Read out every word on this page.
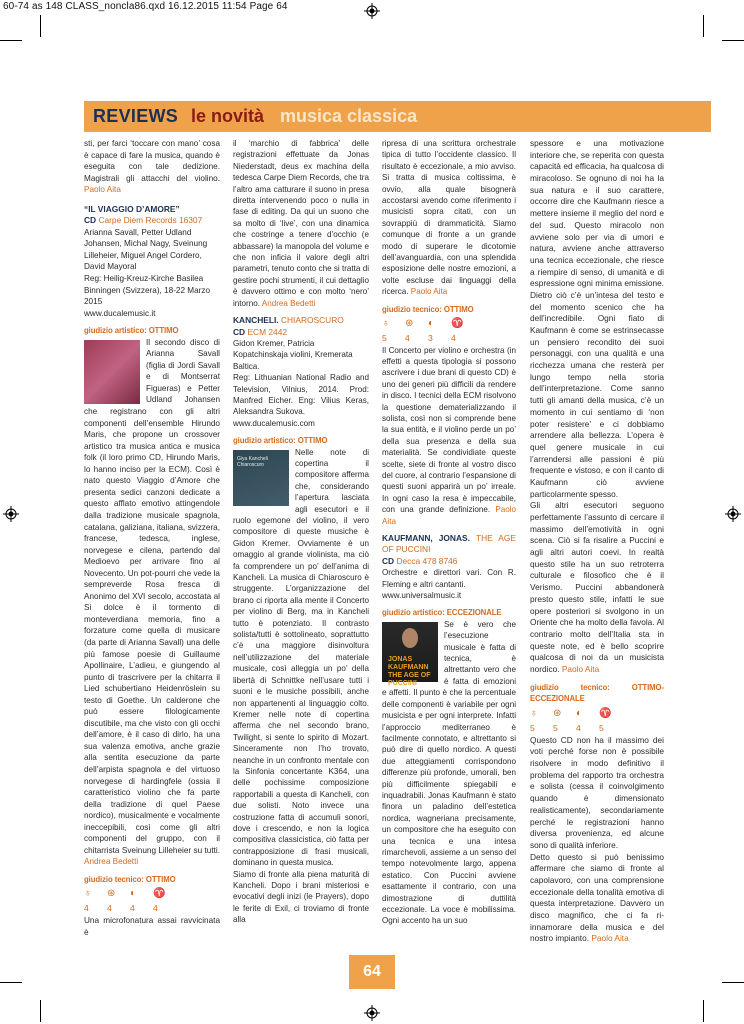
60-74 as 148 CLASS_noncla86.qxd 16.12.2015 11:54 Page 64
REVIEWS le novità musica classica

sti, per farci ‘toccare con mano’ cosa è capace di fare la musica, quando è eseguita con tale dedizione. Magistrali gli attacchi del violino. Paolo Aita

“IL VIAGGIO D’AMORE”

CD Carpe Diem Records 16307

Arianna Savall, Petter Udland Johansen, Michal Nagy, Sveinung Lilleheier, Miguel Angel Cordero, David Mayoral

Reg: Heilig-Kreuz-Kirche Basilea Binningen (Svizzera), 18-22 Marzo 2015

www.ducalemusic.it

giudizio artistico: OTTIMO

Il secondo disco di Arianna Savall (figlia di Jordi Savall e di Montserrat Figueras) e Petter Udland Johansen che registrano con gli altri componenti dell’ensemble Hirundo Maris, che propone un crossover artistico tra musica antica e musica folk (il loro primo CD, Hirundo Maris, lo hanno inciso per la ECM). Così è nato questo Viaggio d’Amore che presenta sedici canzoni dedicate a questo afflato emotivo attingendole dalla tradizione musicale spagnola, catalana, galiziana, italiana, svizzera, francese, tedesca, inglese, norvegese e cilena, partendo dal Medioevo per arrivare fino al Novecento. Un pot-pourri che vede la sempreverde Rosa fresca di Anonimo del XVI secolo, accostata al Si dolce è il tormento di monteverdiana memoria, fino a forzature come quella di musicare (da parte di Arianna Savall) una delle più famose poesie di Guillaume Apollinaire, L’adieu, e giungendo al punto di trascrivere per la chitarra il Lied schubertiano Heidenröslein su testo di Goethe. Un calderone che può essere filologicamente discutibile, ma che visto con gli occhi dell’amore, è il caso di dirlo, ha una sua valenza emotiva, anche grazie alla sentita esecuzione da parte dell’arpista spagnola e del virtuoso norvegese di hardingfele (ossia il caratteristico violino che fa parte della tradizione di quel Paese nordico), musicalmente e vocalmente ineccepibili, così come gli altri componenti del gruppo, con il chitarrista Sveinung Lilleheier su tutti. Andrea Bedetti

giudizio tecnico: OTTIMO

♁	⊛	◐	♈
4	4	4	4

Una microfonatura assai ravvicinata è

il ‘marchio di fabbrica’ delle registrazioni effettuate da Jonas Niederstadt, deus ex machina della tedesca Carpe Diem Records, che tra l’altro ama catturare il suono in presa diretta intervenendo poco o nulla in fase di editing. Da qui un suono che sa molto di ‘live’, con una dinamica che costringe a tenere d’occhio (e abbassare) la manopola del volume e che non inficia il valore degli altri parametri, tenuto conto che si tratta di gestire pochi strumenti, il cui dettaglio è davvero ottimo e con molto ‘nero’ intorno. Andrea Bedetti

KANCHELI. CHIAROSCURO

CD ECM 2442

Gidon Kremer, Patricia Kopatchinskaja violini, Kremerata Baltica.

Reg: Lithuanian National Radio and Television, Vilnius, 2014. Prod: Manfred Eicher. Eng: Vilius Keras, Aleksandra Sukova.

www.ducalemusic.com

giudizio artistico: OTTIMO

Giya Kancheli Chiaroscuro

Nelle note di copertina il compositore afferma che, considerando l’apertura lasciata agli esecutori e il ruolo egemone del violino, il vero compositore di queste musiche è Gidon Kremer. Ovviamente è un omaggio al grande violinista, ma ciò fa comprendere un po’ dell’anima di Kancheli. La musica di Chiaroscuro è struggente. L’organizzazione del brano ci riporta alla mente il Concerto per violino di Berg, ma in Kancheli tutto è potenziato. Il contrasto solista/tutti è sottolineato, soprattutto c’è una maggiore disinvoltura nell’utilizzazione del materiale musicale, così alleggia un po’ della libertà di Schnittke nell’usare tutti i suoni e le musiche possibili, anche non appartenenti al linguaggio colto. Kremer nelle note di copertina afferma che nel secondo brano, Twilight, si sente lo spirito di Mozart. Sinceramente non l’ho trovato, neanche in un confronto mentale con la Sinfonia concertante K364, una delle pochissime composizione rapportabili a questa di Kancheli, con due solisti. Noto invece una costruzione fatta di accumuli sonori, dove i crescendo, e non la logica compositiva classicistica, ciò fatta per contrapposizione di frasi musicali, dominano in questa musica.

Siamo di fronte alla piena maturità di Kancheli. Dopo i brani misteriosi e evocativi degli inizi (le Prayers), dopo le ferite di Exil, ci troviamo di fronte alla

ripresa di una scrittura orchestrale tipica di tutto l’occidente classico. Il risultato è eccezionale, a mio avviso. Si tratta di musica coltissima, è ovvio, alla quale bisognerà accostarsi avendo come riferimento i musicisti sopra citati, con un sovrappiù di drammaticità. Siamo comunque di fronte a un grande modo di superare le dicotomie dell’avanguardia, con una splendida esposizione delle nostre emozioni, a volte escluse dai linguaggi della ricerca. Paolo Aita

giudizio tecnico: OTTIMO

♁	⊛	◐	♈
5	4	3	4

Il Concerto per violino e orchestra (in effetti a questa tipologia si possono ascrivere i due brani di questo CD) è uno dei generi più difficili da rendere in disco. I tecnici della ECM risolvono la questione dematerializzando il solista, così non si comprende bene la sua entità, e il violino perde un po’ della sua presenza e della sua materialità. Se condividiate queste scelte, siete di fronte al vostro disco del cuore, al contrario l’espansione di questi suoni apparirà un po’ irreale. In ogni caso la resa è impeccabile, con una grande definizione. Paolo Aita

KAUFMANN, JONAS. THE AGE OF PUCCINI

CD Decca 478 8746

Orchestre e direttori vari. Con R. Fleming e altri cantanti.

www.universalmusic.it

giudizio artistico: ECCEZIONALE

JONAS KAUFMANN THE AGE OF PUCCINI

Se è vero che l’esecuzione musicale è fatta di tecnica, è altrettanto vero che è fatta di emozioni e affetti. Il punto è che la percentuale delle componenti è variabile per ogni musicista e per ogni interprete. Infatti l’approccio mediterraneo è facilmente connotato, e altrettanto si può dire di quello nordico. A questi due atteggiamenti corrispondono differenze più profonde, umorali, ben più difficilmente spiegabili e inquadrabili. Jonas Kaufmann è stato finora un paladino dell’estetica nordica, wagneriana precisamente, un compositore che ha eseguito con una tecnica e una intesa rimarchevoli, assieme a un senso del tempo notevolmente largo, appena estatico. Con Puccini avviene esattamente il contrario, con una dimostrazione di duttilità eccezionale. La voce è mobilissima. Ogni accento ha un suo

spessore e una motivazione interiore che, se reperita con questa capacità ed efficacia, ha qualcosa di miracoloso. Se ognuno di noi ha la sua natura e il suo carattere, occorre dire che Kaufmann riesce a mettere insieme il meglio del nord e del sud. Questo miracolo non avviene solo per via di umori e natura, avviene anche attraverso una tecnica eccezionale, che riesce a riempire di senso, di umanità e di espressione ogni minima emissione. Dietro ciò c’è un’intesa del testo e del momento scenico che ha dell’incredibile. Ogni fiato di Kaufmann è come se estrinsecasse un pensiero recondito dei suoi personaggi, con una qualità e una ricchezza umana che resterà per lungo tempo nella storia dell’interpretazione. Come sanno tutti gli amanti della musica, c’è un momento in cui sentiamo di ‘non poter resistere’ e ci dobbiamo arrendere alla bellezza. L’opera è quel genere musicale in cui l’arrendersi alle passioni è più frequente e vistoso, e con il canto di Kaufmann ciò avviene particolarmente spesso.

Gli altri esecutori seguono perfettamente l’assunto di cercare il massimo dell’emotività in ogni scena. Ciò si fa risalire a Puccini e agli altri autori coevi. In realtà questo stile ha un suo retroterra culturale e filosofico che è il Verismo. Puccini abbandonerà presto questo stile, infatti le sue opere posteriori si svolgono in un Oriente che ha molto della favola. Al contrario molto dell’Italia sta in queste note, ed è bello scoprire qualcosa di noi da un musicista nordico. Paolo Aita

giudizio tecnico: OTTIMO-ECCEZIONALE

♁	⊛	◐	♈
5	5	4	5

Questo CD non ha il massimo dei voti perché forse non è possibile risolvere in modo definitivo il problema del rapporto tra orchestra e solista (cessa il coinvolgimento quando è dimensionato realisticamente), secondariamente perché le registrazioni hanno diversa provenienza, ed alcune sono di qualità inferiore.

Detto questo si può benissimo affermare che siamo di fronte al capolavoro, con una comprensione eccezionale della tonalità emotiva di questa interpretazione. Davvero un disco magnifico, che ci fa ri-innamorare della musica e del nostro impianto. Paolo Aita

64
